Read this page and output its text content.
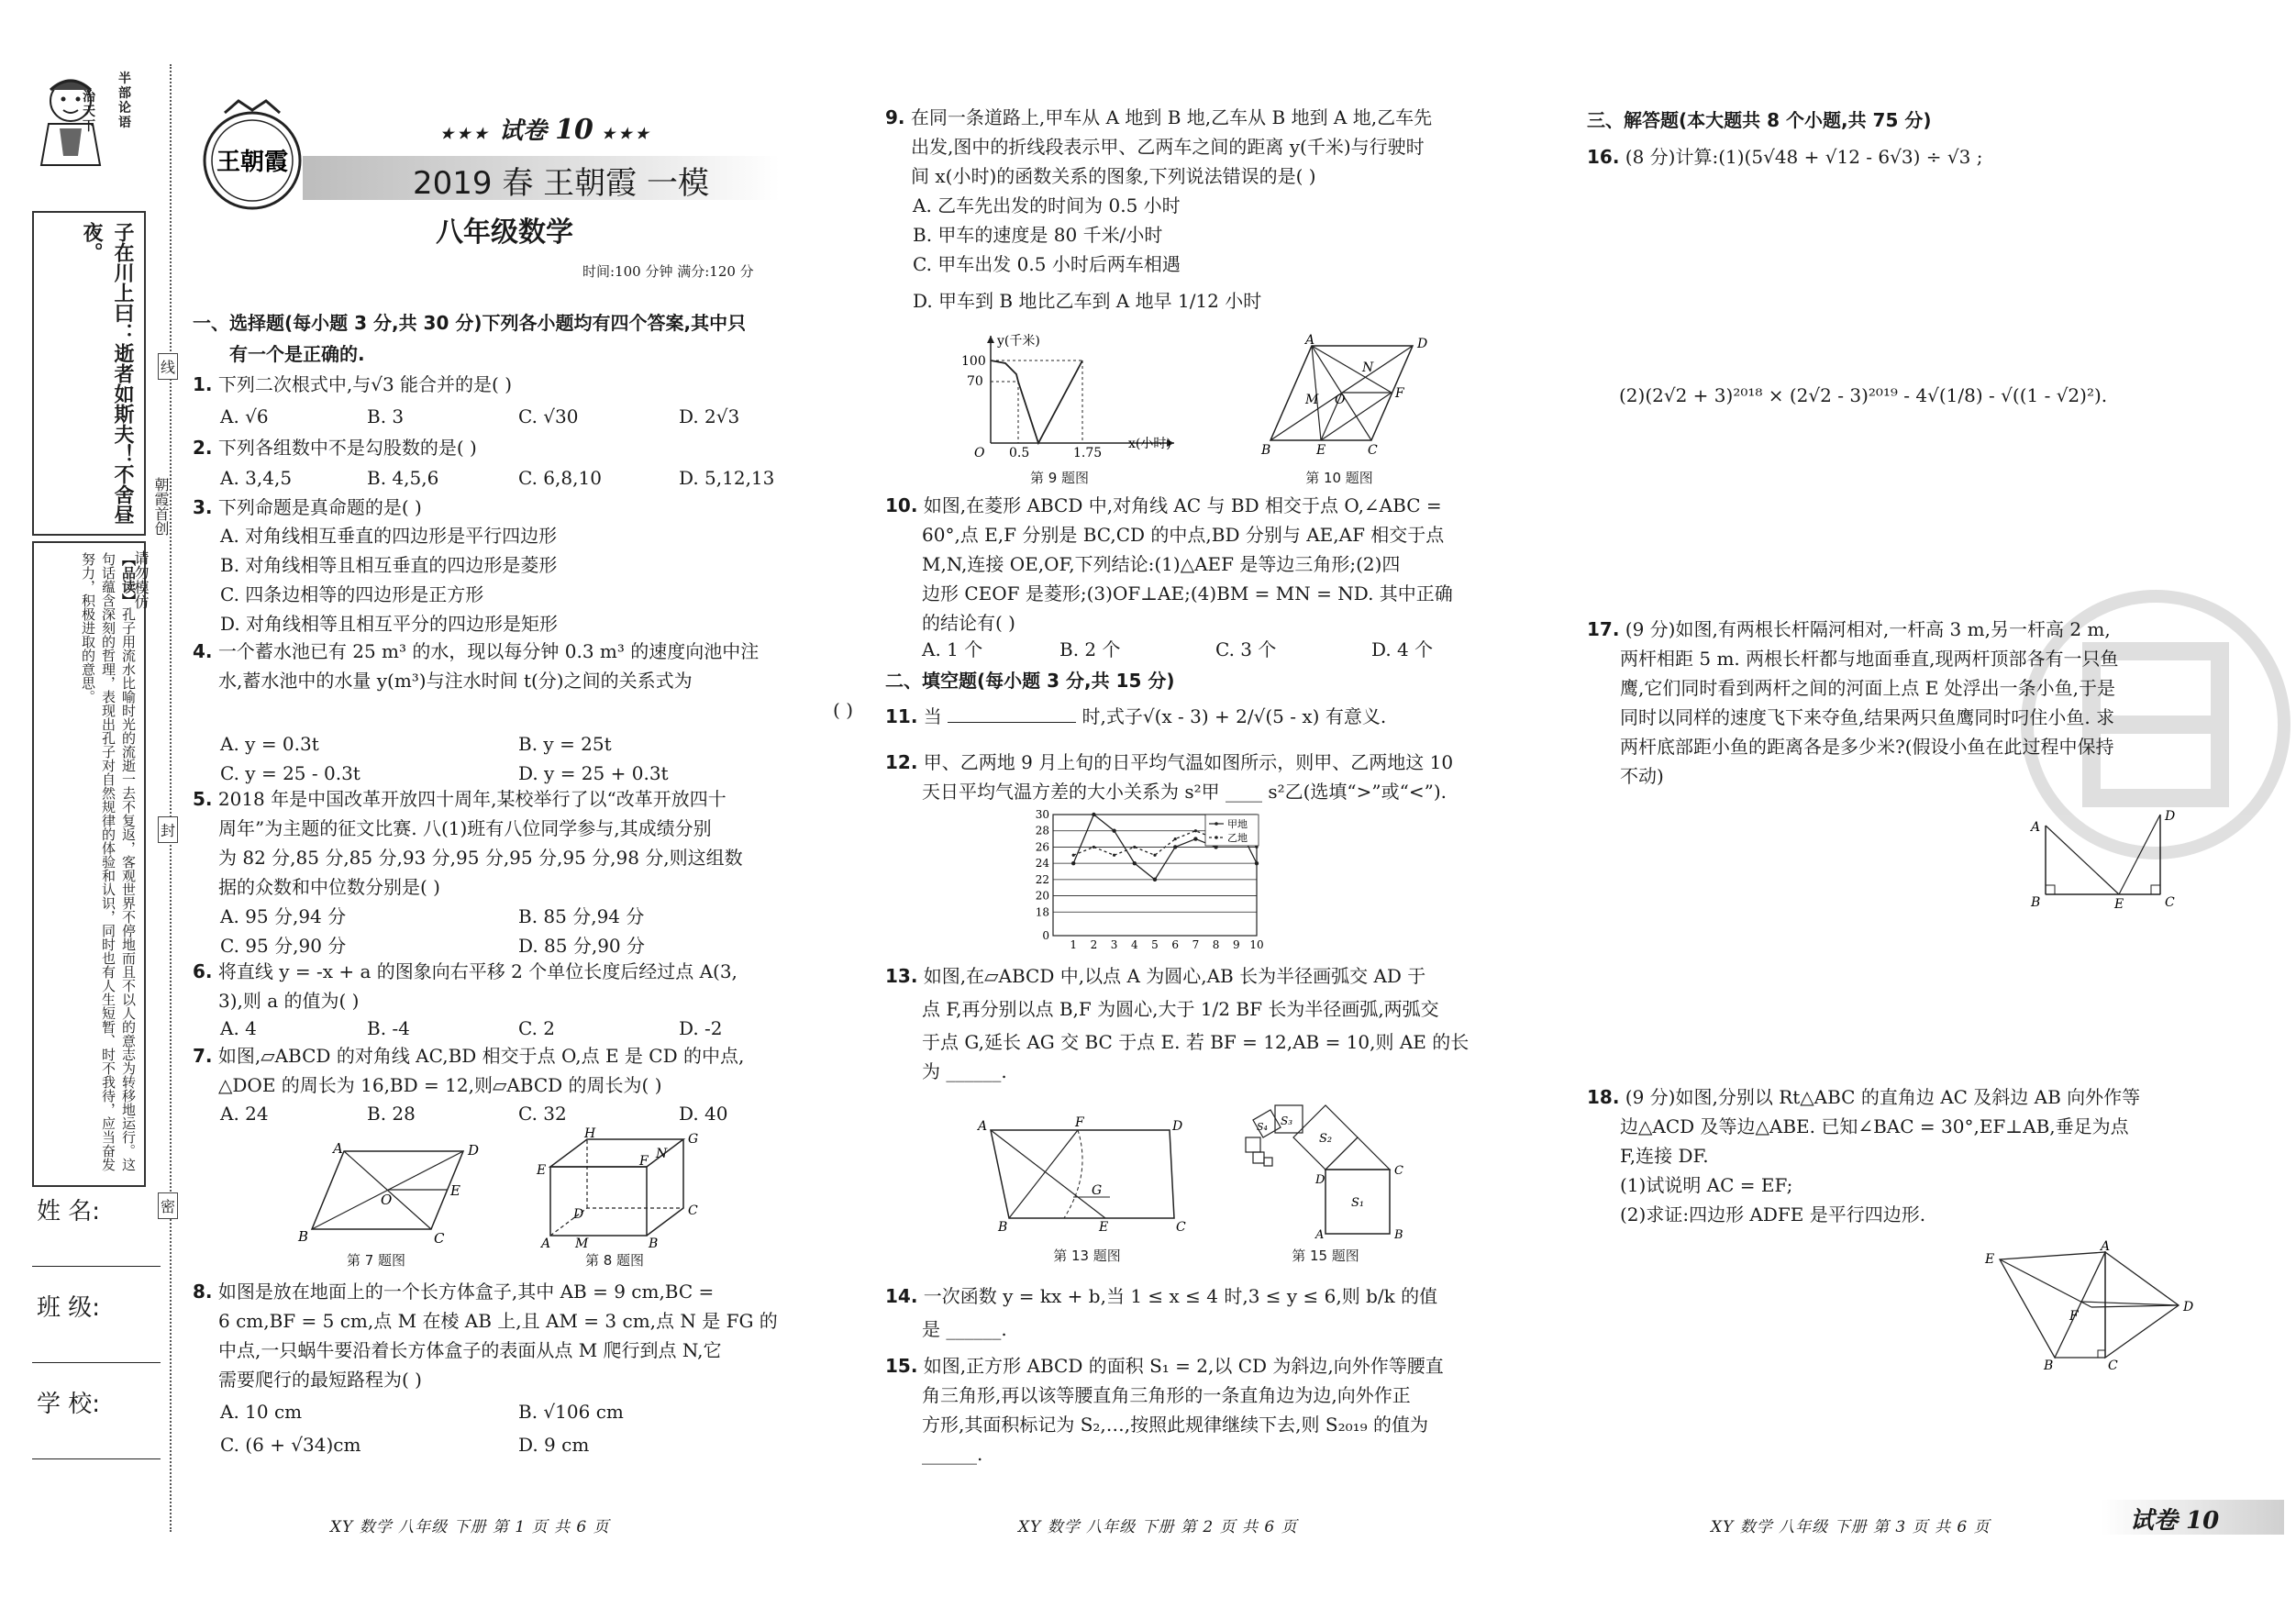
半
部
论
语
治
天
下
子在川上曰：逝者如斯夫！不舍昼夜。
【品读】孔子用流水比喻时光的流逝一去不复返，客观世界不停地而且不以人的意志为转移地运行。这句话蕴含深刻的哲理，表现出孔子对自然规律的体验和认识，同时也有人生短暂、时不我待，应当奋发努力，积极进取的意思。
姓 名:
班 级:
学 校:
朝霞首创
请勿模仿
线
封
密
王朝霞
★★★ 试卷 10 ★★★
2019 春 王朝霞 一模
八年级数学
时间:100 分钟 满分:120 分
一、选择题(每小题 3 分,共 30 分)下列各小题均有四个答案,其中只
有一个是正确的.
1. 下列二次根式中,与√3 能合并的是( )
A. √6	B. 3	C. √30	D. 2√3
2. 下列各组数中不是勾股数的是( )
A. 3,4,5	B. 4,5,6	C. 6,8,10	D. 5,12,13
3. 下列命题是真命题的是( )
A. 对角线相互垂直的四边形是平行四边形
B. 对角线相等且相互垂直的四边形是菱形
C. 四条边相等的四边形是正方形
D. 对角线相等且相互平分的四边形是矩形
4. 一个蓄水池已有 25 m³ 的水，现以每分钟 0.3 m³ 的速度向池中注
水,蓄水池中的水量 y(m³)与注水时间 t(分)之间的关系式为
( )
A. y = 0.3t	B. y = 25t
C. y = 25 - 0.3t	D. y = 25 + 0.3t
5. 2018 年是中国改革开放四十周年,某校举行了以“改革开放四十
周年”为主题的征文比赛. 八(1)班有八位同学参与,其成绩分别
为 82 分,85 分,85 分,93 分,95 分,95 分,95 分,98 分,则这组数
据的众数和中位数分别是( )
A. 95 分,94 分	B. 85 分,94 分
C. 95 分,90 分	D. 85 分,90 分
6. 将直线 y = -x + a 的图象向右平移 2 个单位长度后经过点 A(3,
3),则 a 的值为( )
A. 4	B. -4	C. 2	D. -2
7. 如图,▱ABCD 的对角线 AC,BD 相交于点 O,点 E 是 CD 的中点,
△DOE 的周长为 16,BD = 12,则▱ABCD 的周长为( )
A. 24	B. 28	C. 32	D. 40
A	D
B	C
O
E
第 7 题图
H
E
G
F N
D	C
A	B
M
第 8 题图
8. 如图是放在地面上的一个长方体盒子,其中 AB = 9 cm,BC =
6 cm,BF = 5 cm,点 M 在棱 AB 上,且 AM = 3 cm,点 N 是 FG 的
中点,一只蜗牛要沿着长方体盒子的表面从点 M 爬行到点 N,它
需要爬行的最短路程为( )
A. 10 cm	B. √106 cm
C. (6 + √34)cm	D. 9 cm
XY 数学 八年级 下册 第 1 页 共 6 页
9. 在同一条道路上,甲车从 A 地到 B 地,乙车从 B 地到 A 地,乙车先
出发,图中的折线段表示甲、乙两车之间的距离 y(千米)与行驶时
间 x(小时)的函数关系的图象,下列说法错误的是( )
A. 乙车先出发的时间为 0.5 小时
B. 甲车的速度是 80 千米/小时
C. 甲车出发 0.5 小时后两车相遇
D. 甲车到 B 地比乙车到 A 地早 1/12 小时
y(千米)
x(小时)
100
70
O 0.5	1.75
第 9 题图
A	D
B	E	C
F
M
N
O
第 10 题图
10. 如图,在菱形 ABCD 中,对角线 AC 与 BD 相交于点 O,∠ABC =
60°,点 E,F 分别是 BC,CD 的中点,BD 分别与 AE,AF 相交于点
M,N,连接 OE,OF,下列结论:(1)△AEF 是等边三角形;(2)四
边形 CEOF 是菱形;(3)OF⊥AE;(4)BM = MN = ND. 其中正确
的结论有( )
A. 1 个	B. 2 个	C. 3 个	D. 4 个
二、填空题(每小题 3 分,共 15 分)
11. 当	时,式子√(x - 3) + 2/√(5 - x) 有意义.
12. 甲、乙两地 9 月上旬的日平均气温如图所示，则甲、乙两地这 10
天日平均气温方差的大小关系为 s²甲 ____ s²乙(选填“>”或“<”).
0
18
20
22
24
26
28
30
1 2 3 4 5 6 7 8 9 10
甲地
乙地
13. 如图,在▱ABCD 中,以点 A 为圆心,AB 长为半径画弧交 AD 于
点 F,再分别以点 B,F 为圆心,大于 1/2 BF 长为半径画弧,两弧交
于点 G,延长 AG 交 BC 于点 E. 若 BF = 12,AB = 10,则 AE 的长
为 ______.
A	F	D
B	E	C
G
第 13 题图
S₁
S₂
S₃
S₄
D
C
A	B
第 15 题图
14. 一次函数 y = kx + b,当 1 ≤ x ≤ 4 时,3 ≤ y ≤ 6,则 b/k 的值
是 ______.
15. 如图,正方形 ABCD 的面积 S₁ = 2,以 CD 为斜边,向外作等腰直
角三角形,再以该等腰直角三角形的一条直角边为边,向外作正
方形,其面积标记为 S₂,…,按照此规律继续下去,则 S₂₀₁₉ 的值为
______.
XY 数学 八年级 下册 第 2 页 共 6 页
三、解答题(本大题共 8 个小题,共 75 分)
16. (8 分)计算:(1)(5√48 + √12 - 6√3) ÷ √3 ;
(2)(2√2 + 3)²⁰¹⁸ × (2√2 - 3)²⁰¹⁹ - 4√(1/8) - √((1 - √2)²).
17. (9 分)如图,有两根长杆隔河相对,一杆高 3 m,另一杆高 2 m,
两杆相距 5 m. 两根长杆都与地面垂直,现两杆顶部各有一只鱼
鹰,它们同时看到两杆之间的河面上点 E 处浮出一条小鱼,于是
同时以同样的速度飞下来夺鱼,结果两只鱼鹰同时叼住小鱼. 求
两杆底部距小鱼的距离各是多少米?(假设小鱼在此过程中保持
不动)
A
D
B	E	C
18. (9 分)如图,分别以 Rt△ABC 的直角边 AC 及斜边 AB 向外作等
边△ACD 及等边△ABE. 已知∠BAC = 30°,EF⊥AB,垂足为点
F,连接 DF.
(1)试说明 AC = EF;
(2)求证:四边形 ADFE 是平行四边形.
E
A
D
B	C
F
XY 数学 八年级 下册 第 3 页 共 6 页	试卷 10
